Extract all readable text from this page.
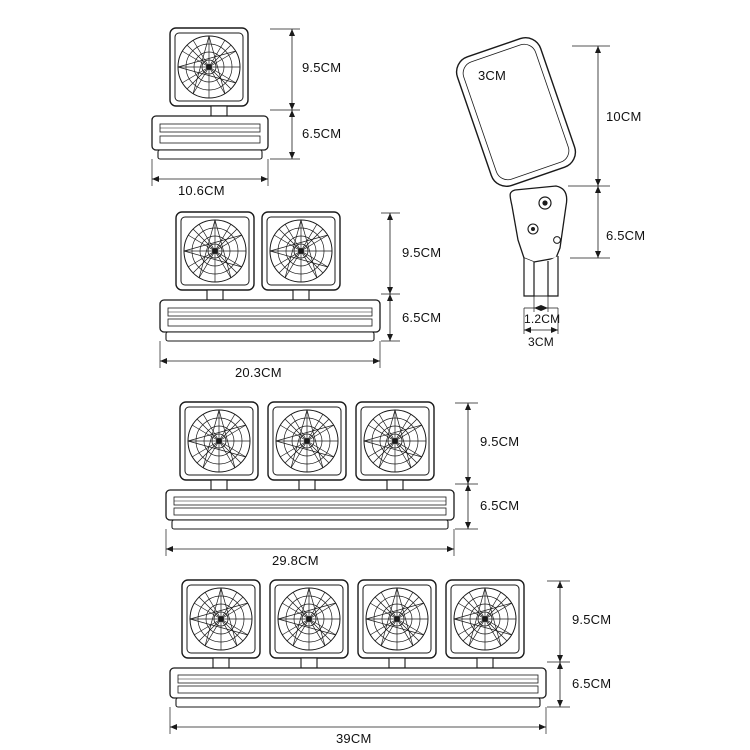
9.5CM
6.5CM
10.6CM
9.5CM
6.5CM
20.3CM
9.5CM
6.5CM
29.8CM
9.5CM
6.5CM
39CM
3CM
10CM
6.5CM
1.2CM
3CM
